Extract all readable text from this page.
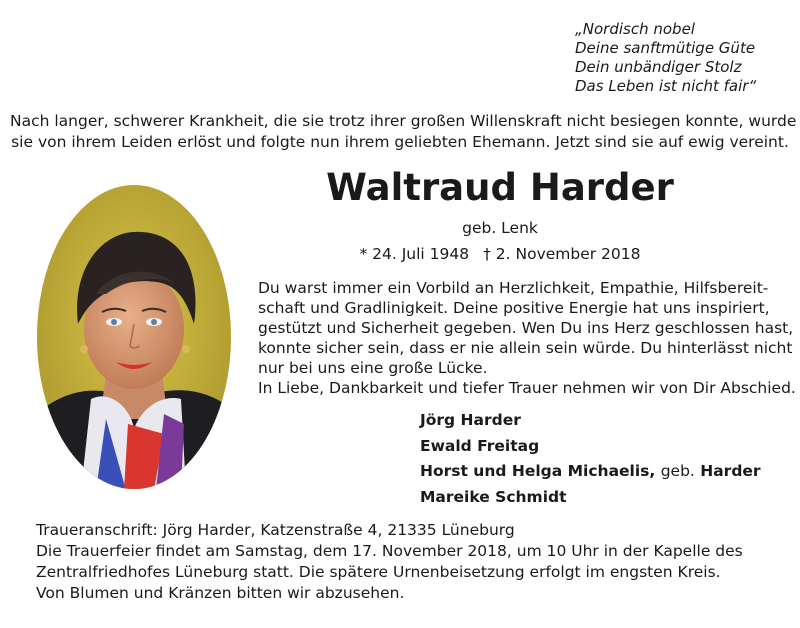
„Nordisch nobel
Deine sanftmütige Güte
Dein unbändiger Stolz
Das Leben ist nicht fair“
Nach langer, schwerer Krankheit, die sie trotz ihrer großen Willenskraft nicht besiegen konnte, wurde
sie von ihrem Leiden erlöst und folgte nun ihrem geliebten Ehemann. Jetzt sind sie auf ewig vereint.
Waltraud Harder
geb. Lenk
* 24. Juli 1948 † 2. November 2018
Du warst immer ein Vorbild an Herzlichkeit, Empathie, Hilfsbereit-
schaft und Gradlinigkeit. Deine positive Energie hat uns inspiriert,
gestützt und Sicherheit gegeben. Wen Du ins Herz geschlossen hast,
konnte sicher sein, dass er nie allein sein würde. Du hinterlässt nicht
nur bei uns eine große Lücke.
In Liebe, Dankbarkeit und tiefer Trauer nehmen wir von Dir Abschied.
Jörg Harder
Ewald Freitag
Horst und Helga Michaelis, geb. Harder
Mareike Schmidt
Traueranschrift: Jörg Harder, Katzenstraße 4, 21335 Lüneburg
Die Trauerfeier findet am Samstag, dem 17. November 2018, um 10 Uhr in der Kapelle des
Zentralfriedhofes Lüneburg statt. Die spätere Urnenbeisetzung erfolgt im engsten Kreis.
Von Blumen und Kränzen bitten wir abzusehen.
